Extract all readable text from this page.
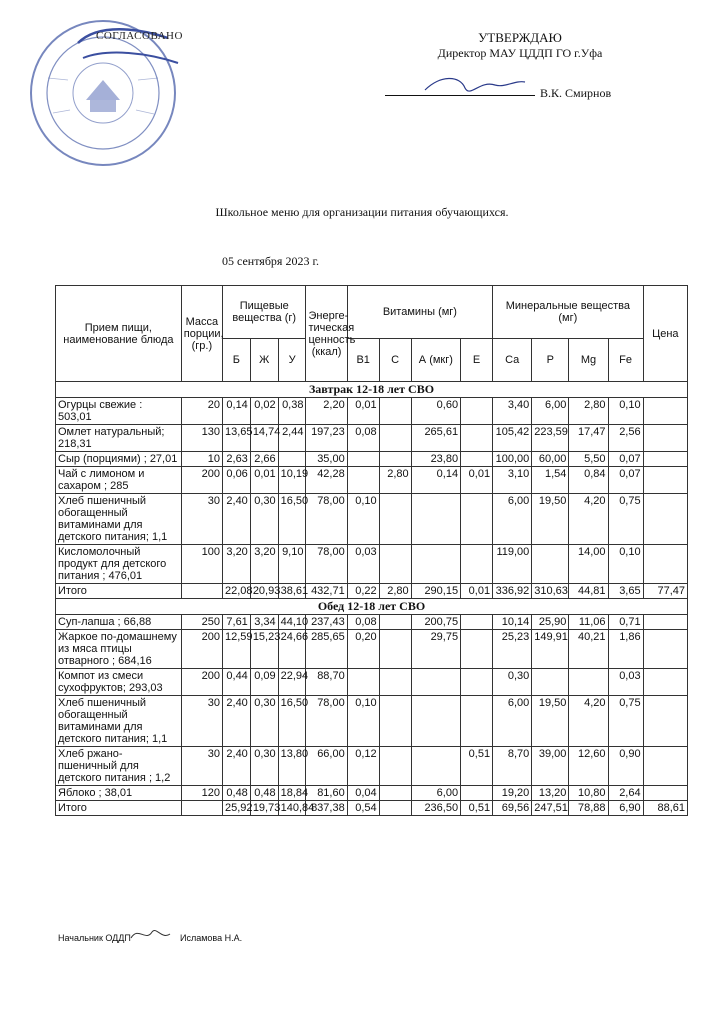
СОГЛАСОВАНО	УТВЕРЖДАЮ
Директор МАУ ЦДДП ГО г.Уфа
В.К. Смирнов
Школьное меню для организации питания обучающихся.
05 сентября 2023 г.
Прием пищи, наименование блюда	Масса порции, (гр.)	Пищевые вещества (г)			Энерге-тическая ценность (ккал)	Витамины (мг)				Минеральные вещества (мг)				Цена
		Б	Ж	У		В1	С	А (мкг)	Е	Са	Р	Mg	Fe	
Завтрак 12-18 лет СВО														
Огурцы свежие : 503,01	20	0,14	0,02	0,38	2,20	0,01		0,60		3,40	6,00	2,80	0,10	
Омлет натуральный; 218,31	130	13,65	14,74	2,44	197,23	0,08		265,61		105,42	223,59	17,47	2,56	
Сыр (порциями) ; 27,01	10	2,63	2,66		35,00			23,80		100,00	60,00	5,50	0,07	
Чай с лимоном и сахаром ; 285	200	0,06	0,01	10,19	42,28		2,80	0,14	0,01	3,10	1,54	0,84	0,07	
Хлеб пшеничный обогащенный витаминами для детского питания; 1,1	30	2,40	0,30	16,50	78,00	0,10				6,00	19,50	4,20	0,75	
Кисломолочный продукт для детского питания ; 476,01	100	3,20	3,20	9,10	78,00	0,03				119,00		14,00	0,10	
Итого		22,08	20,93	38,61	432,71	0,22	2,80	290,15	0,01	336,92	310,63	44,81	3,65	77,47
Обед 12-18 лет СВО														
Суп-лапша ; 66,88	250	7,61	3,34	44,10	237,43	0,08		200,75		10,14	25,90	11,06	0,71	
Жаркое по-домашнему из мяса птицы отварного ; 684,16	200	12,59	15,23	24,66	285,65	0,20		29,75		25,23	149,91	40,21	1,86	
Компот из смеси сухофруктов; 293,03	200	0,44	0,09	22,94	88,70					0,30			0,03	
Хлеб пшеничный обогащенный витаминами для детского питания; 1,1	30	2,40	0,30	16,50	78,00	0,10				6,00	19,50	4,20	0,75	
Хлеб ржано-пшеничный для детского питания ; 1,2	30	2,40	0,30	13,80	66,00	0,12			0,51	8,70	39,00	12,60	0,90	
Яблоко ; 38,01	120	0,48	0,48	18,84	81,60	0,04		6,00		19,20	13,20	10,80	2,64	
Итого		25,92	19,73	140,84	837,38	0,54		236,50	0,51	69,56	247,51	78,88	6,90	88,61
Начальник ОДДП	Исламова Н.А.
